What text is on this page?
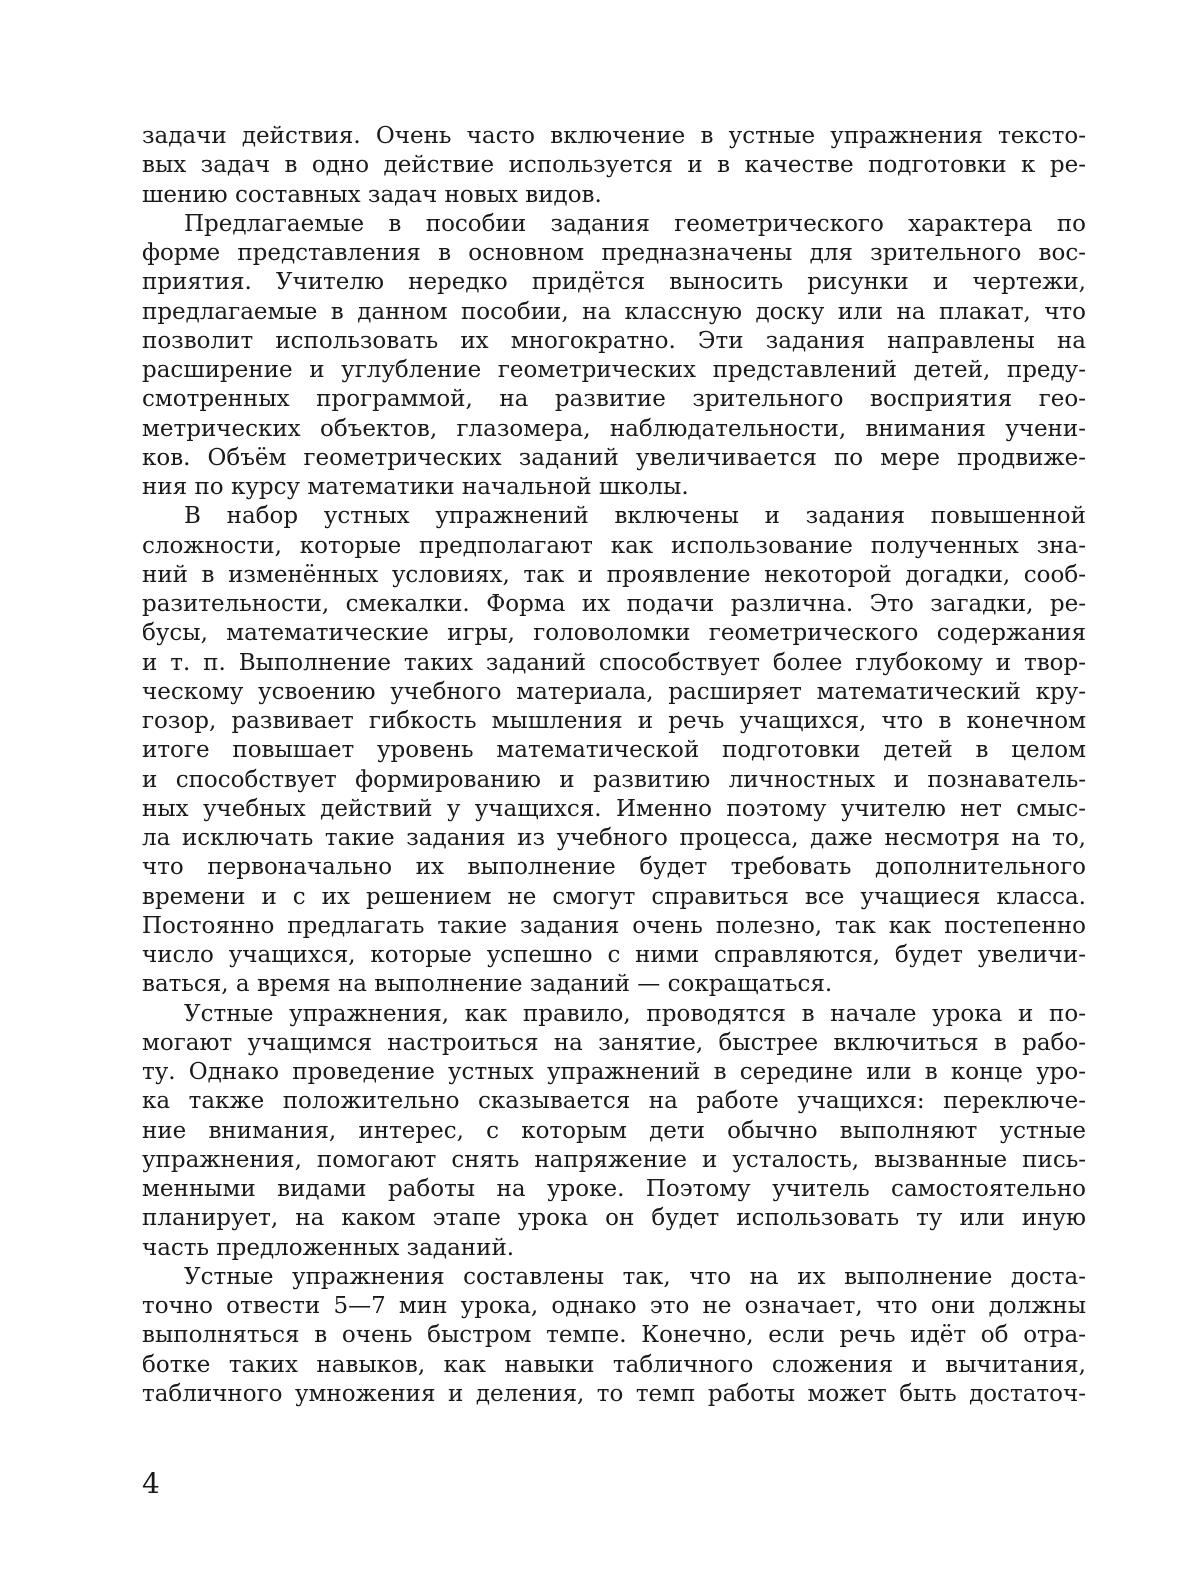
задачи действия. Очень часто включение в устные упражнения тексто-
вых задач в одно действие используется и в качестве подготовки к ре-
шению составных задач новых видов.
Предлагаемые в пособии задания геометрического характера по
форме представления в основном предназначены для зрительного вос-
приятия. Учителю нередко придётся выносить рисунки и чертежи,
предлагаемые в данном пособии, на классную доску или на плакат, что
позволит использовать их многократно. Эти задания направлены на
расширение и углубление геометрических представлений детей, преду-
смотренных программой, на развитие зрительного восприятия гео-
метрических объектов, глазомера, наблюдательности, внимания учени-
ков. Объём геометрических заданий увеличивается по мере продвиже-
ния по курсу математики начальной школы.
В набор устных упражнений включены и задания повышенной
сложности, которые предполагают как использование полученных зна-
ний в изменённых условиях, так и проявление некоторой догадки, сооб-
разительности, смекалки. Форма их подачи различна. Это загадки, ре-
бусы, математические игры, головоломки геометрического содержания
и т. п. Выполнение таких заданий способствует более глубокому и твор-
ческому усвоению учебного материала, расширяет математический кру-
гозор, развивает гибкость мышления и речь учащихся, что в конечном
итоге повышает уровень математической подготовки детей в целом
и способствует формированию и развитию личностных и познаватель-
ных учебных действий у учащихся. Именно поэтому учителю нет смыс-
ла исключать такие задания из учебного процесса, даже несмотря на то,
что первоначально их выполнение будет требовать дополнительного
времени и с их решением не смогут справиться все учащиеся класса.
Постоянно предлагать такие задания очень полезно, так как постепенно
число учащихся, которые успешно с ними справляются, будет увеличи-
ваться, а время на выполнение заданий — сокращаться.
Устные упражнения, как правило, проводятся в начале урока и по-
могают учащимся настроиться на занятие, быстрее включиться в рабо-
ту. Однако проведение устных упражнений в середине или в конце уро-
ка также положительно сказывается на работе учащихся: переключе-
ние внимания, интерес, с которым дети обычно выполняют устные
упражнения, помогают снять напряжение и усталость, вызванные пись-
менными видами работы на уроке. Поэтому учитель самостоятельно
планирует, на каком этапе урока он будет использовать ту или иную
часть предложенных заданий.
Устные упражнения составлены так, что на их выполнение доста-
точно отвести 5—7 мин урока, однако это не означает, что они должны
выполняться в очень быстром темпе. Конечно, если речь идёт об отра-
ботке таких навыков, как навыки табличного сложения и вычитания,
табличного умножения и деления, то темп работы может быть достаточ-
4
